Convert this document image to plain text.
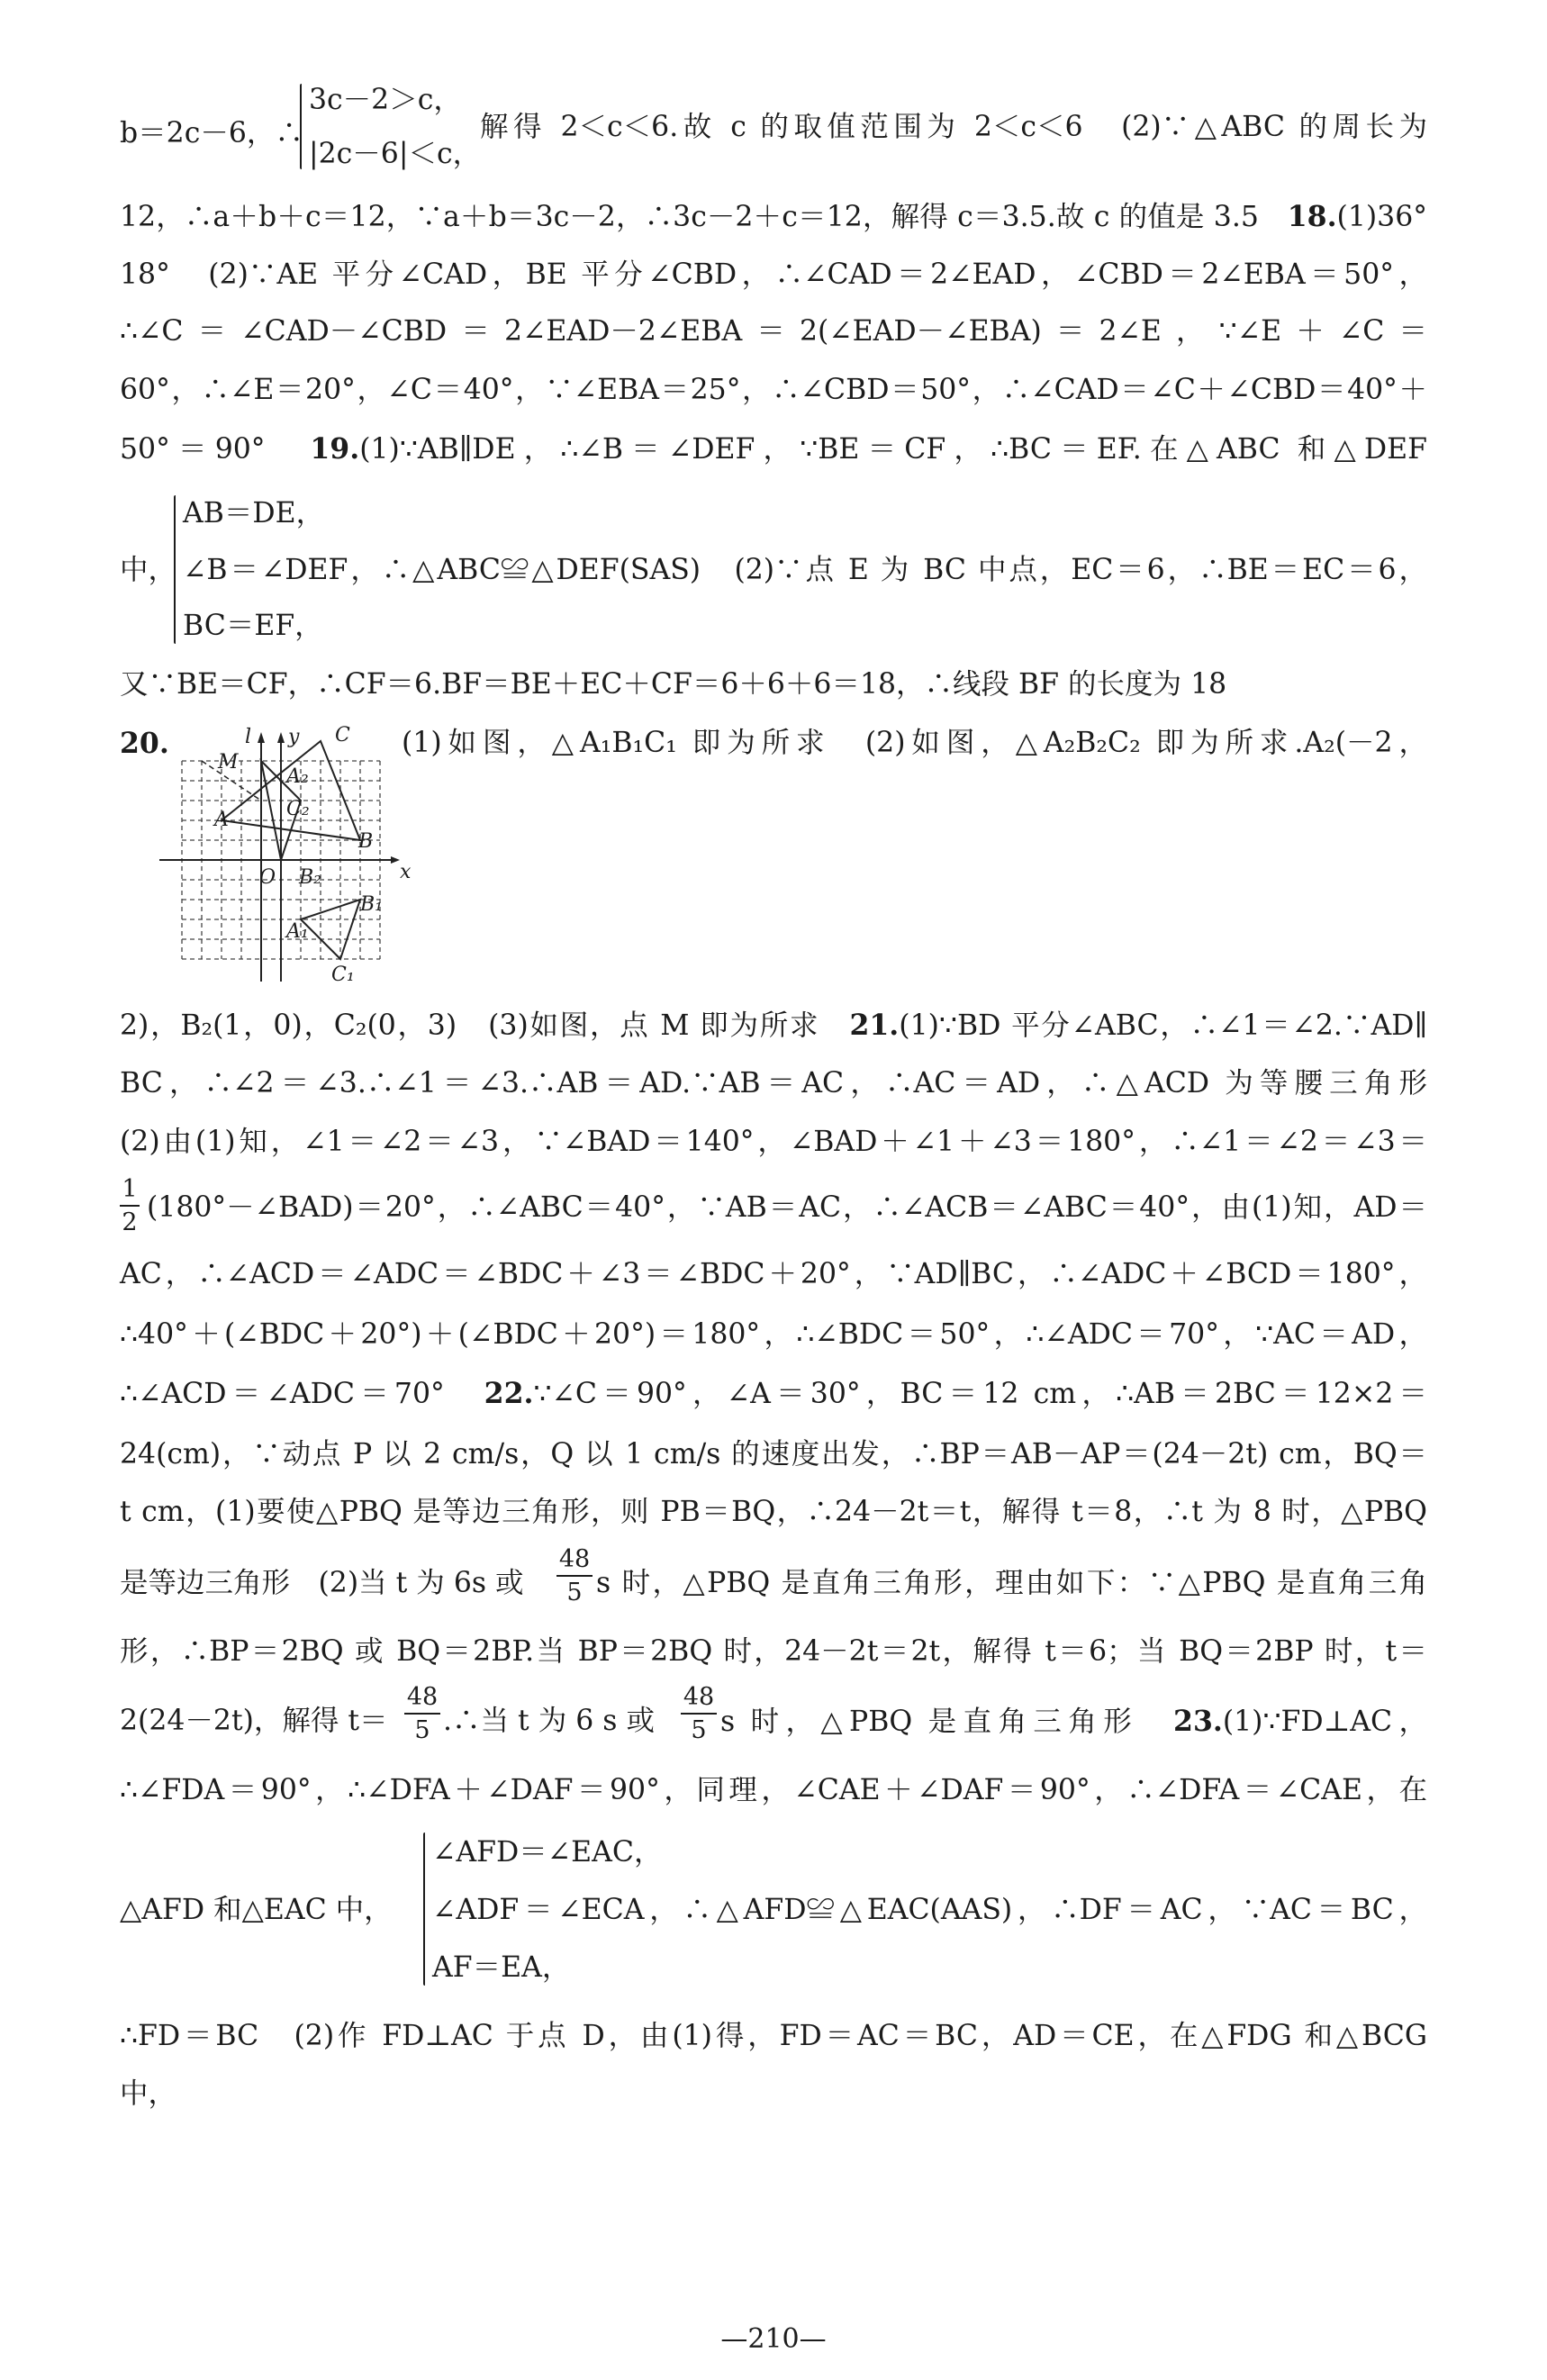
b＝2c－6，∴
3c－2＞c，
|2c－6|＜c，
解得 2＜c＜6.故 c 的取值范围为 2＜c＜6　(2)∵△ABC 的周长为
12，∴a＋b＋c＝12，∵a＋b＝3c－2，∴3c－2＋c＝12，解得 c＝3.5.故 c 的值是 3.5　18.(1)36°
18°　(2)∵AE 平分∠CAD，BE 平分∠CBD，∴∠CAD＝2∠EAD，∠CBD＝2∠EBA＝50°，
∴∠C＝∠CAD－∠CBD＝2∠EAD－2∠EBA＝2(∠EAD－∠EBA)＝2∠E，∵∠E＋∠C＝
60°，∴∠E＝20°，∠C＝40°，∵∠EBA＝25°，∴∠CBD＝50°，∴∠CAD＝∠C＋∠CBD＝40°＋
50°＝90°　19.(1)∵AB∥DE，∴∠B＝∠DEF，∵BE＝CF，∴BC＝EF.在△ABC 和△DEF
AB＝DE，
中， ∠B＝∠DEF，∴△ABC≌△DEF(SAS)　(2)∵点 E 为 BC 中点，EC＝6，∴BE＝EC＝6，
BC＝EF，
又∵BE＝CF，∴CF＝6.BF＝BE＋EC＋CF＝6＋6＋6＝18，∴线段 BF 的长度为 18
20.	(1)如图，△A₁B₁C₁ 即为所求　(2)如图，△A₂B₂C₂ 即为所求.A₂(－2，
l y
x
O
M
A
C
B
A₂
C₂
B₂
A₁
B₁
C₁
2)，B₂(1，0)，C₂(0，3)　(3)如图，点 M 即为所求　21.(1)∵BD 平分∠ABC，∴∠1＝∠2.∵AD∥
BC，∴∠2＝∠3.∴∠1＝∠3.∴AB＝AD.∵AB＝AC，∴AC＝AD，∴△ACD 为等腰三角形
(2)由(1)知，∠1＝∠2＝∠3，∵∠BAD＝140°，∠BAD＋∠1＋∠3＝180°，∴∠1＝∠2＝∠3＝
1
2 (180°－∠BAD)＝20°，∴∠ABC＝40°，∵AB＝AC，∴∠ACB＝∠ABC＝40°，由(1)知，AD＝
AC，∴∠ACD＝∠ADC＝∠BDC＋∠3＝∠BDC＋20°，∵AD∥BC，∴∠ADC＋∠BCD＝180°，
∴40°＋(∠BDC＋20°)＋(∠BDC＋20°)＝180°，∴∠BDC＝50°，∴∠ADC＝70°，∵AC＝AD，
∴∠ACD＝∠ADC＝70°　22.∵∠C＝90°，∠A＝30°，BC＝12 cm，∴AB＝2BC＝12×2＝
24(cm)，∵动点 P 以 2 cm/s，Q 以 1 cm/s 的速度出发，∴BP＝AB－AP＝(24－2t) cm，BQ＝
t cm，(1)要使△PBQ 是等边三角形，则 PB＝BQ，∴24－2t＝t，解得 t＝8，∴t 为 8 时，△PBQ
是等边三角形　(2)当 t 为 6s 或
48
5 s 时，△PBQ 是直角三角形，理由如下：∵△PBQ 是直角三角
形，∴BP＝2BQ 或 BQ＝2BP.当 BP＝2BQ 时，24－2t＝2t，解得 t＝6；当 BQ＝2BP 时，t＝
2(24－2t)，解得 t＝
48
5 .∴当 t 为 6 s 或
48
5 s 时，△PBQ 是直角三角形　23.(1)∵FD⊥AC，
∴∠FDA＝90°，∴∠DFA＋∠DAF＝90°，同理，∠CAE＋∠DAF＝90°，∴∠DFA＝∠CAE，在
∠AFD＝∠EAC，
△AFD 和△EAC 中，	∠ADF＝∠ECA，∴△AFD≌△EAC(AAS)，∴DF＝AC，∵AC＝BC，
AF＝EA，
∴FD＝BC　(2)作 FD⊥AC 于点 D，由(1)得，FD＝AC＝BC，AD＝CE，在△FDG 和△BCG
中，
—210—
